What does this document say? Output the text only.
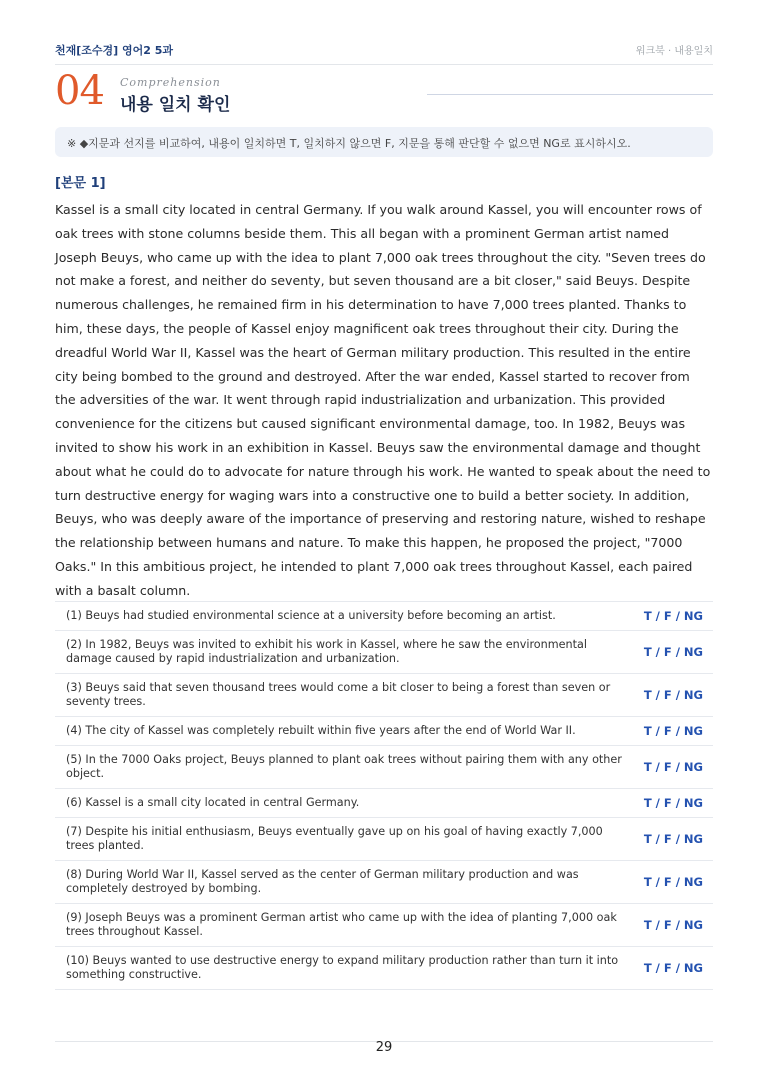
천재[조수경] 영어2 5과	워크북 · 내용일치
04 Comprehension
내용 일치 확인
※ ◆지문과 선지를 비교하여, 내용이 일치하면 T, 일치하지 않으면 F, 지문을 통해 판단할 수 없으면 NG로 표시하시오.
[본문 1]
Kassel is a small city located in central Germany. If you walk around Kassel, you will encounter rows of oak trees with stone columns beside them. This all began with a prominent German artist named Joseph Beuys, who came up with the idea to plant 7,000 oak trees throughout the city. "Seven trees do not make a forest, and neither do seventy, but seven thousand are a bit closer," said Beuys. Despite numerous challenges, he remained firm in his determination to have 7,000 trees planted. Thanks to him, these days, the people of Kassel enjoy magnificent oak trees throughout their city. During the dreadful World War II, Kassel was the heart of German military production. This resulted in the entire city being bombed to the ground and destroyed. After the war ended, Kassel started to recover from the adversities of the war. It went through rapid industrialization and urbanization. This provided convenience for the citizens but caused significant environmental damage, too. In 1982, Beuys was invited to show his work in an exhibition in Kassel. Beuys saw the environmental damage and thought about what he could do to advocate for nature through his work. He wanted to speak about the need to turn destructive energy for waging wars into a constructive one to build a better society. In addition, Beuys, who was deeply aware of the importance of preserving and restoring nature, wished to reshape the relationship between humans and nature. To make this happen, he proposed the project, "7000 Oaks." In this ambitious project, he intended to plant 7,000 oak trees throughout Kassel, each paired with a basalt column.
(1) Beuys had studied environmental science at a university before becoming an artist.	T / F / NG
(2) In 1982, Beuys was invited to exhibit his work in Kassel, where he saw the environmental damage caused by rapid industrialization and urbanization.	T / F / NG
(3) Beuys said that seven thousand trees would come a bit closer to being a forest than seven or seventy trees.	T / F / NG
(4) The city of Kassel was completely rebuilt within five years after the end of World War II.	T / F / NG
(5) In the 7000 Oaks project, Beuys planned to plant oak trees without pairing them with any other object.	T / F / NG
(6) Kassel is a small city located in central Germany.	T / F / NG
(7) Despite his initial enthusiasm, Beuys eventually gave up on his goal of having exactly 7,000 trees planted.	T / F / NG
(8) During World War II, Kassel served as the center of German military production and was completely destroyed by bombing.	T / F / NG
(9) Joseph Beuys was a prominent German artist who came up with the idea of planting 7,000 oak trees throughout Kassel.	T / F / NG
(10) Beuys wanted to use destructive energy to expand military production rather than turn it into something constructive.	T / F / NG
29
